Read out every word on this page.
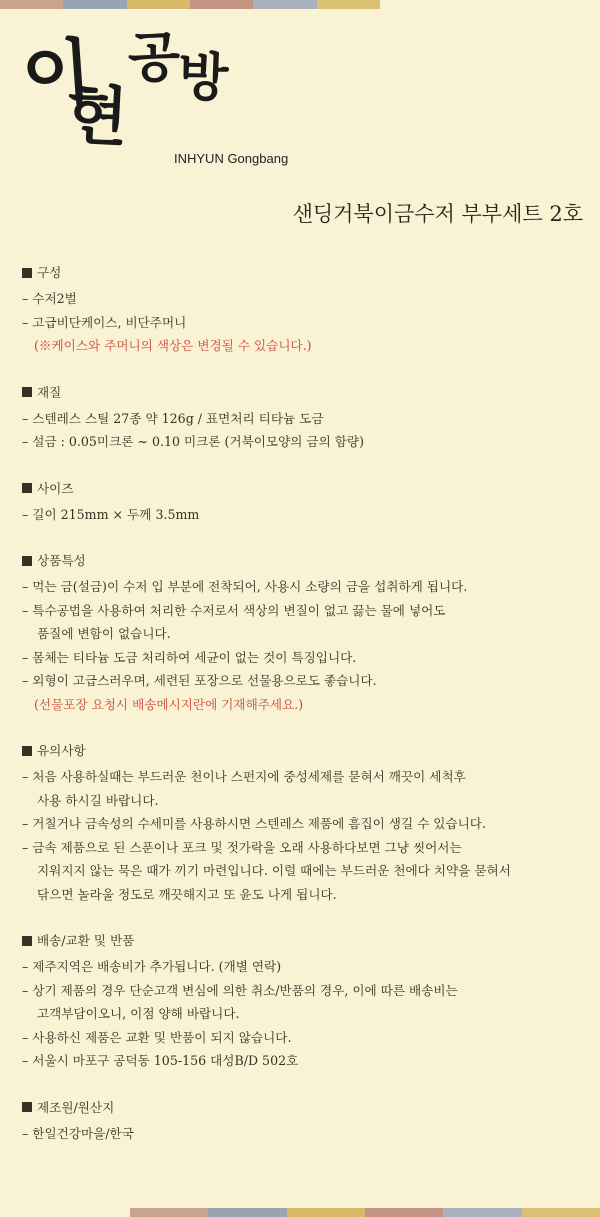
이
현
공 방
INHYUN Gongbang
샌딩거북이금수저 부부세트 2호
구성
– 수저2벌
– 고급비단케이스, 비단주머니
(※케이스와 주머니의 색상은 변경될 수 있습니다.)
재질
– 스텐레스 스틸 27종 약 126g / 표면처리 티타늄 도금
– 설금 : 0.05미크론 ~ 0.10 미크론 (거북이모양의 금의 함량)
사이즈
– 길이 215mm × 두께 3.5mm
상품특성
– 먹는 금(설금)이 수저 입 부분에 전착되어, 사용시 소량의 금을 섭취하게 됩니다.
– 특수공법을 사용하여 처리한 수저로서 색상의 변질이 없고 끓는 물에 넣어도
품질에 변함이 없습니다.
– 몸체는 티타늄 도금 처리하여 세균이 없는 것이 특징입니다.
– 외형이 고급스러우며, 세련된 포장으로 선물용으로도 좋습니다.
(선물포장 요청시 배송메시지란에 기재해주세요.)
유의사항
– 처음 사용하실때는 부드러운 천이나 스펀지에 중성세제를 묻혀서 깨끗이 세척후
사용 하시길 바랍니다.
– 거칠거나 금속성의 수세미를 사용하시면 스텐레스 제품에 흠집이 생길 수 있습니다.
– 금속 제품으로 된 스푼이나 포크 및 젓가락을 오래 사용하다보면 그냥 씻어서는
지워지지 않는 묵은 때가 끼기 마련입니다. 이럴 때에는 부드러운 천에다 치약을 묻혀서
닦으면 놀라울 정도로 깨끗해지고 또 윤도 나게 됩니다.
배송/교환 및 반품
– 제주지역은 배송비가 추가됩니다. (개별 연락)
– 상기 제품의 경우 단순고객 변심에 의한 취소/반품의 경우, 이에 따른 배송비는
고객부담이오니, 이점 양해 바랍니다.
– 사용하신 제품은 교환 및 반품이 되지 않습니다.
– 서울시 마포구 공덕동 105-156 대성B/D 502호
제조원/원산지
– 한일건강마을/한국
